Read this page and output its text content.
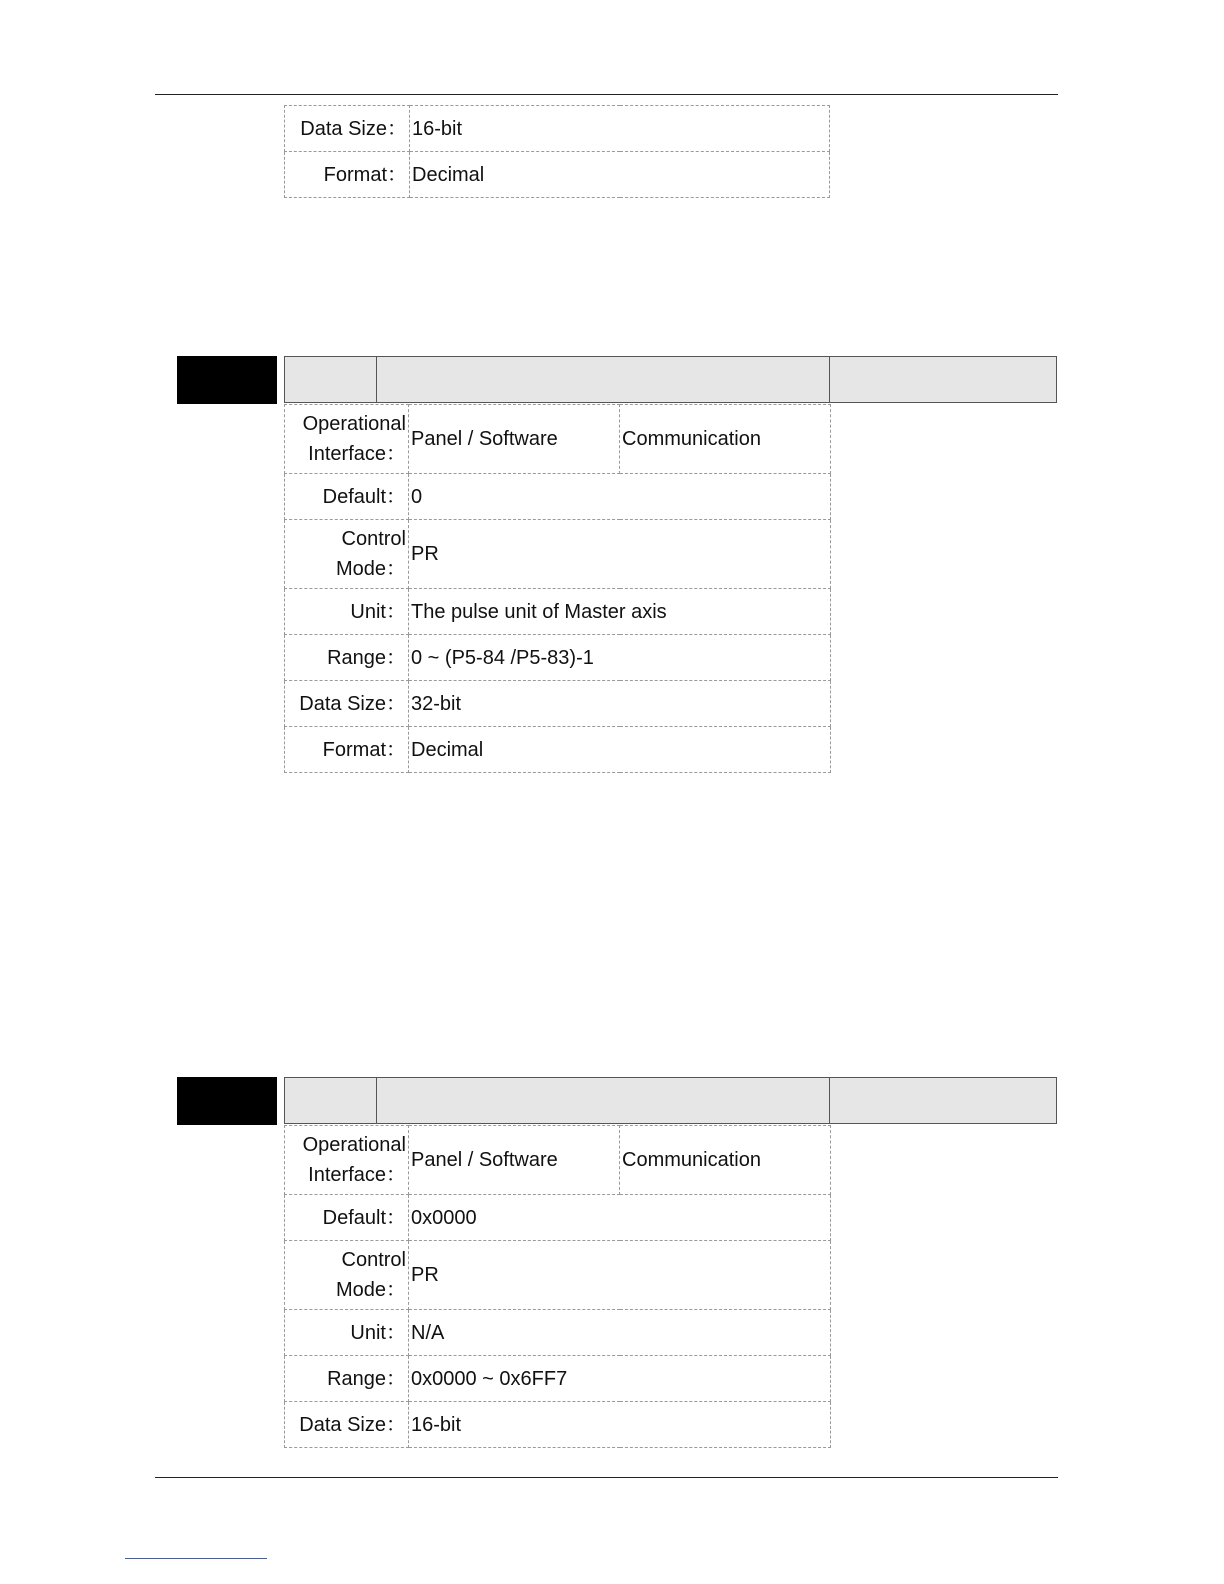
Data Size：	16-bit
Format：	Decimal
Operational
Interface：	Panel / Software	Communication
Default：	0	

Control
Mode：	PR	
Unit：	The pulse unit of Master axis	
Range：	0 ~ (P5-84 /P5-83)-1	
Data Size：	32-bit	
Format：	Decimal	
Operational
Interface：	Panel / Software	Communication
Default：	0x0000	

Control
Mode：	PR	
Unit：	N/A	
Range：	0x0000 ~ 0x6FF7	
Data Size：	16-bit	
